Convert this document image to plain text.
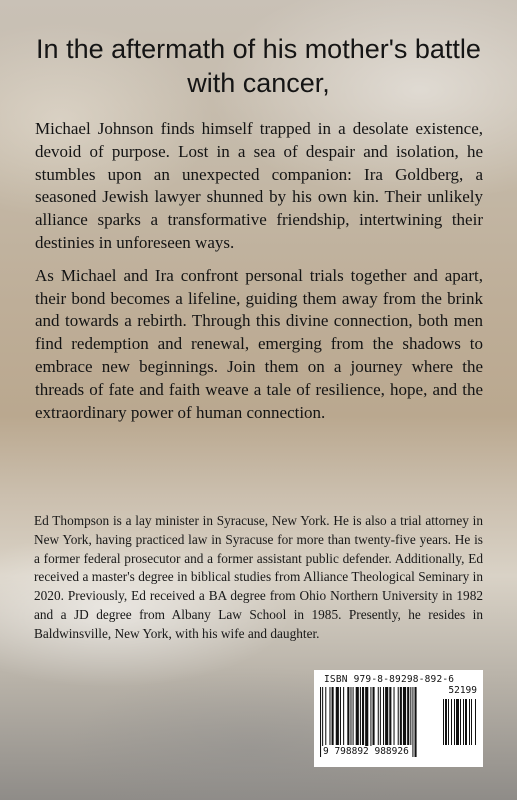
In the aftermath of his mother's battle with cancer,

Michael Johnson finds himself trapped in a desolate existence, devoid of purpose. Lost in a sea of despair and isolation, he stumbles upon an unexpected companion: Ira Goldberg, a seasoned Jewish lawyer shunned by his own kin. Their unlikely alliance sparks a transformative friendship, intertwining their destinies in unforeseen ways.

As Michael and Ira confront personal trials together and apart, their bond becomes a lifeline, guiding them away from the brink and towards a rebirth. Through this divine connection, both men find redemption and renewal, emerging from the shadows to embrace new beginnings. Join them on a journey where the threads of fate and faith weave a tale of resilience, hope, and the extraordinary power of human connection.

Ed Thompson is a lay minister in Syracuse, New York. He is also a trial attorney in New York, having practiced law in Syracuse for more than twenty-five years. He is a former federal prosecutor and a former assistant public defender. Additionally, Ed received a master's degree in biblical studies from Alliance Theological Seminary in 2020. Previously, Ed received a BA degree from Ohio Northern University in 1982 and a JD degree from Albany Law School in 1985. Presently, he resides in Baldwinsville, New York, with his wife and daughter.

ISBN 979-8-89298-892-6
52199
9 798892 988926
